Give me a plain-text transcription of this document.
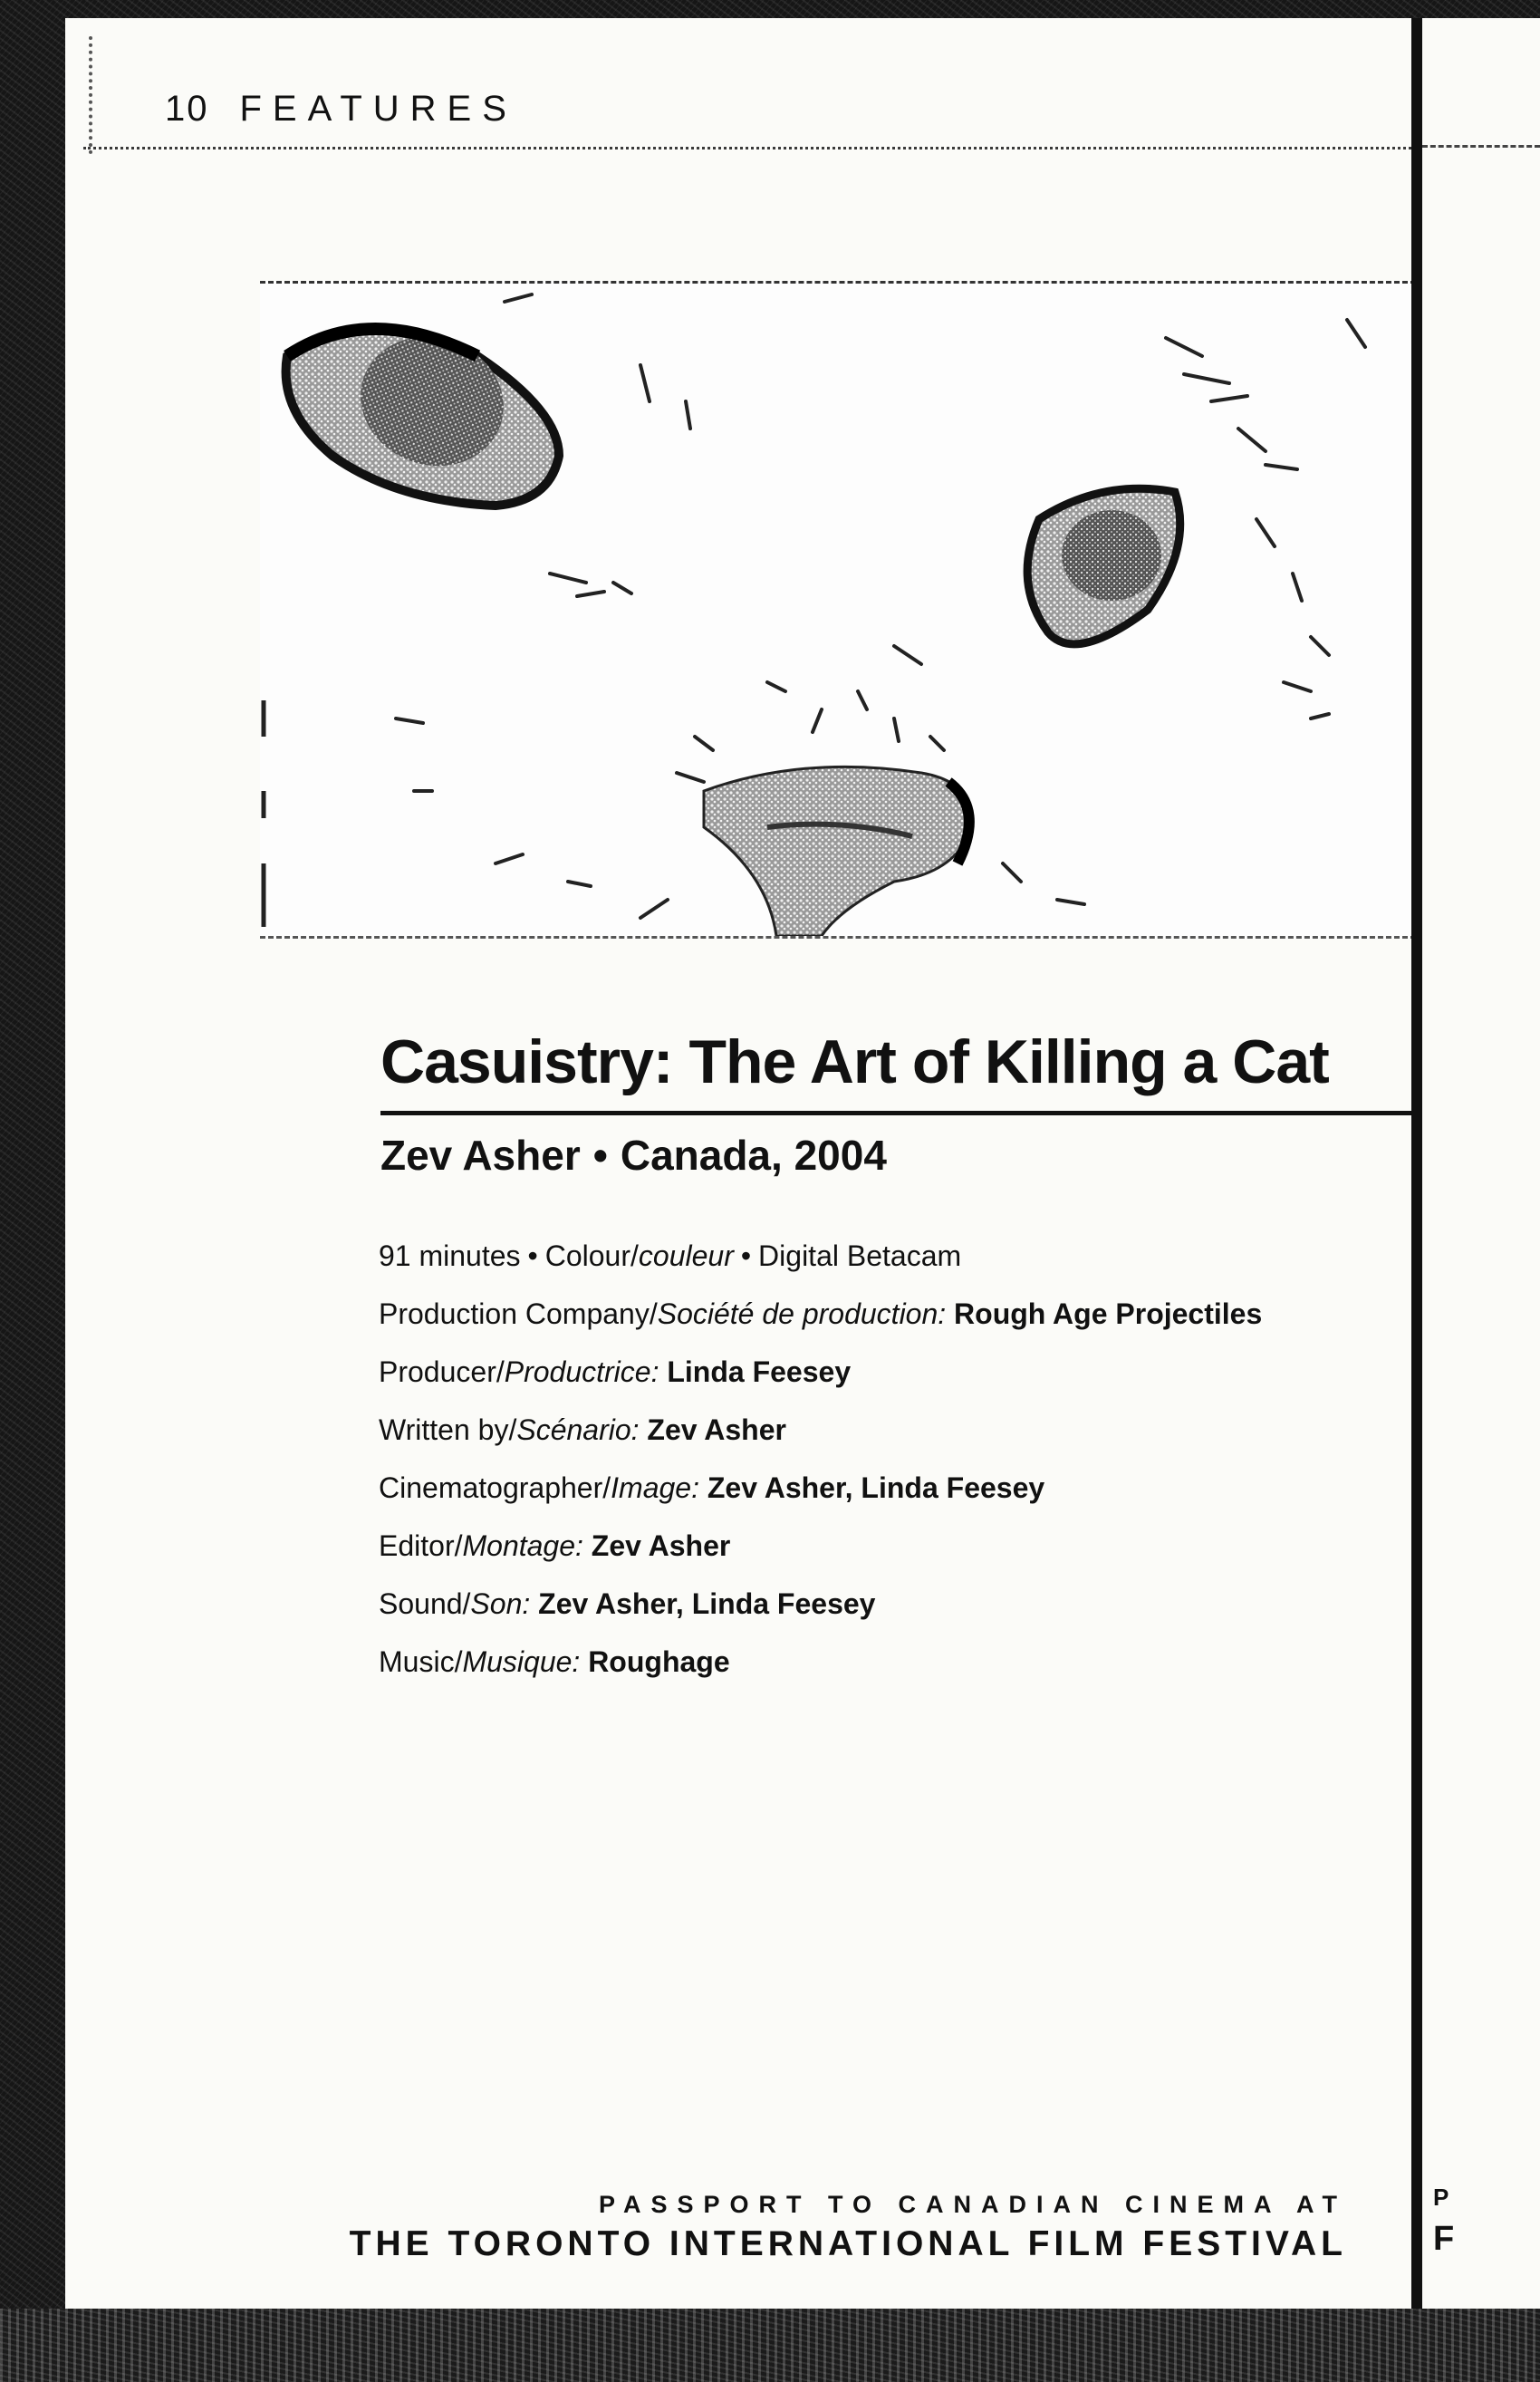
10 FEATURES
Casuistry: The Art of Killing a Cat
Zev Asher • Canada, 2004
91 minutes • Colour/couleur • Digital Betacam
Production Company/Société de production: Rough Age Projectiles
Producer/Productrice: Linda Feesey
Written by/Scénario: Zev Asher
Cinematographer/Image: Zev Asher, Linda Feesey
Editor/Montage: Zev Asher
Sound/Son: Zev Asher, Linda Feesey
Music/Musique: Roughage
PASSPORT TO CANADIAN CINEMA AT
THE TORONTO INTERNATIONAL FILM FESTIVAL
P
F
